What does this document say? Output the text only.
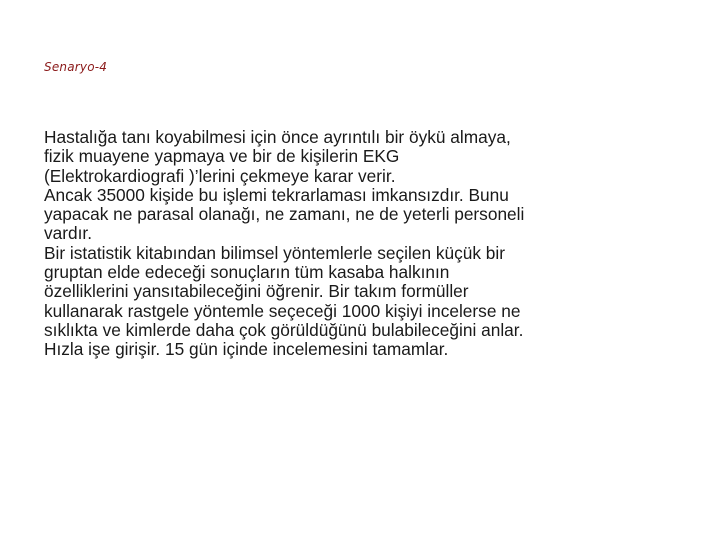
Senaryo-4

Hastalığa tanı koyabilmesi için önce ayrıntılı bir öykü almaya,
fizik muayene yapmaya ve bir de kişilerin EKG
(Elektrokardiografi )’lerini çekmeye karar verir.

Ancak 35000 kişide bu işlemi tekrarlaması imkansızdır. Bunu
yapacak ne parasal olanağı, ne zamanı, ne de yeterli personeli
vardır.

Bir istatistik kitabından bilimsel yöntemlerle seçilen küçük bir
gruptan elde edeceği sonuçların tüm kasaba halkının
özelliklerini yansıtabileceğini öğrenir. Bir takım formüller
kullanarak rastgele yöntemle seçeceği 1000 kişiyi incelerse ne
sıklıkta ve kimlerde daha çok görüldüğünü bulabileceğini anlar.

Hızla işe girişir. 15 gün içinde incelemesini tamamlar.
